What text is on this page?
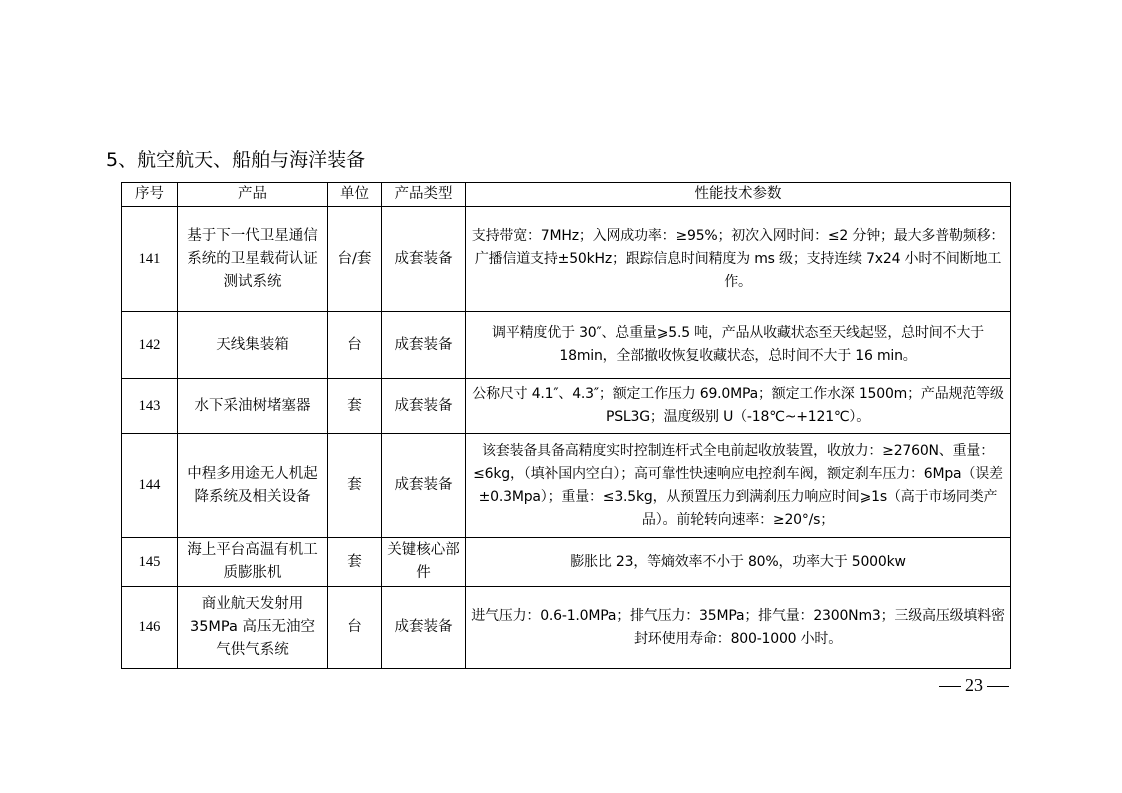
5、航空航天、船舶与海洋装备
序号	产品	单位	产品类型	性能技术参数
141	基于下一代卫星通信系统的卫星载荷认证测试系统	台/套	成套装备	支持带宽：7MHz；入网成功率：≥95%；初次入网时间：≤2 分钟；最大多普勒频移：广播信道支持±50kHz；跟踪信息时间精度为 ms 级；支持连续 7x24 小时不间断地工作。
142	天线集装箱	台	成套装备	调平精度优于 30″、总重量⩾5.5 吨，产品从收藏状态至天线起竖，总时间不大于 18min，全部撤收恢复收藏状态，总时间不大于 16 min。
143	水下采油树堵塞器	套	成套装备	公称尺寸 4.1″、4.3″；额定工作压力 69.0MPa；额定工作水深 1500m；产品规范等级 PSL3G；温度级别 U（-18℃~+121℃）。
144	中程多用途无人机起降系统及相关设备	套	成套装备	该套装备具备高精度实时控制连杆式全电前起收放装置，收放力：≥2760N、重量：≤6kg，（填补国内空白）；高可靠性快速响应电控刹车阀，额定刹车压力：6Mpa（误差±0.3Mpa）；重量：≤3.5kg，从预置压力到满刹压力响应时间⩾1s（高于市场同类产品）。前轮转向速率：≥20°/s；
145	海上平台高温有机工质膨胀机	套	关键核心部件	膨胀比 23，等熵效率不小于 80%，功率大于 5000kw
146	商业航天发射用 35MPa 高压无油空气供气系统	台	成套装备	进气压力：0.6-1.0MPa；排气压力：35MPa；排气量：2300Nm3；三级高压级填料密封环使用寿命：800-1000 小时。
23
